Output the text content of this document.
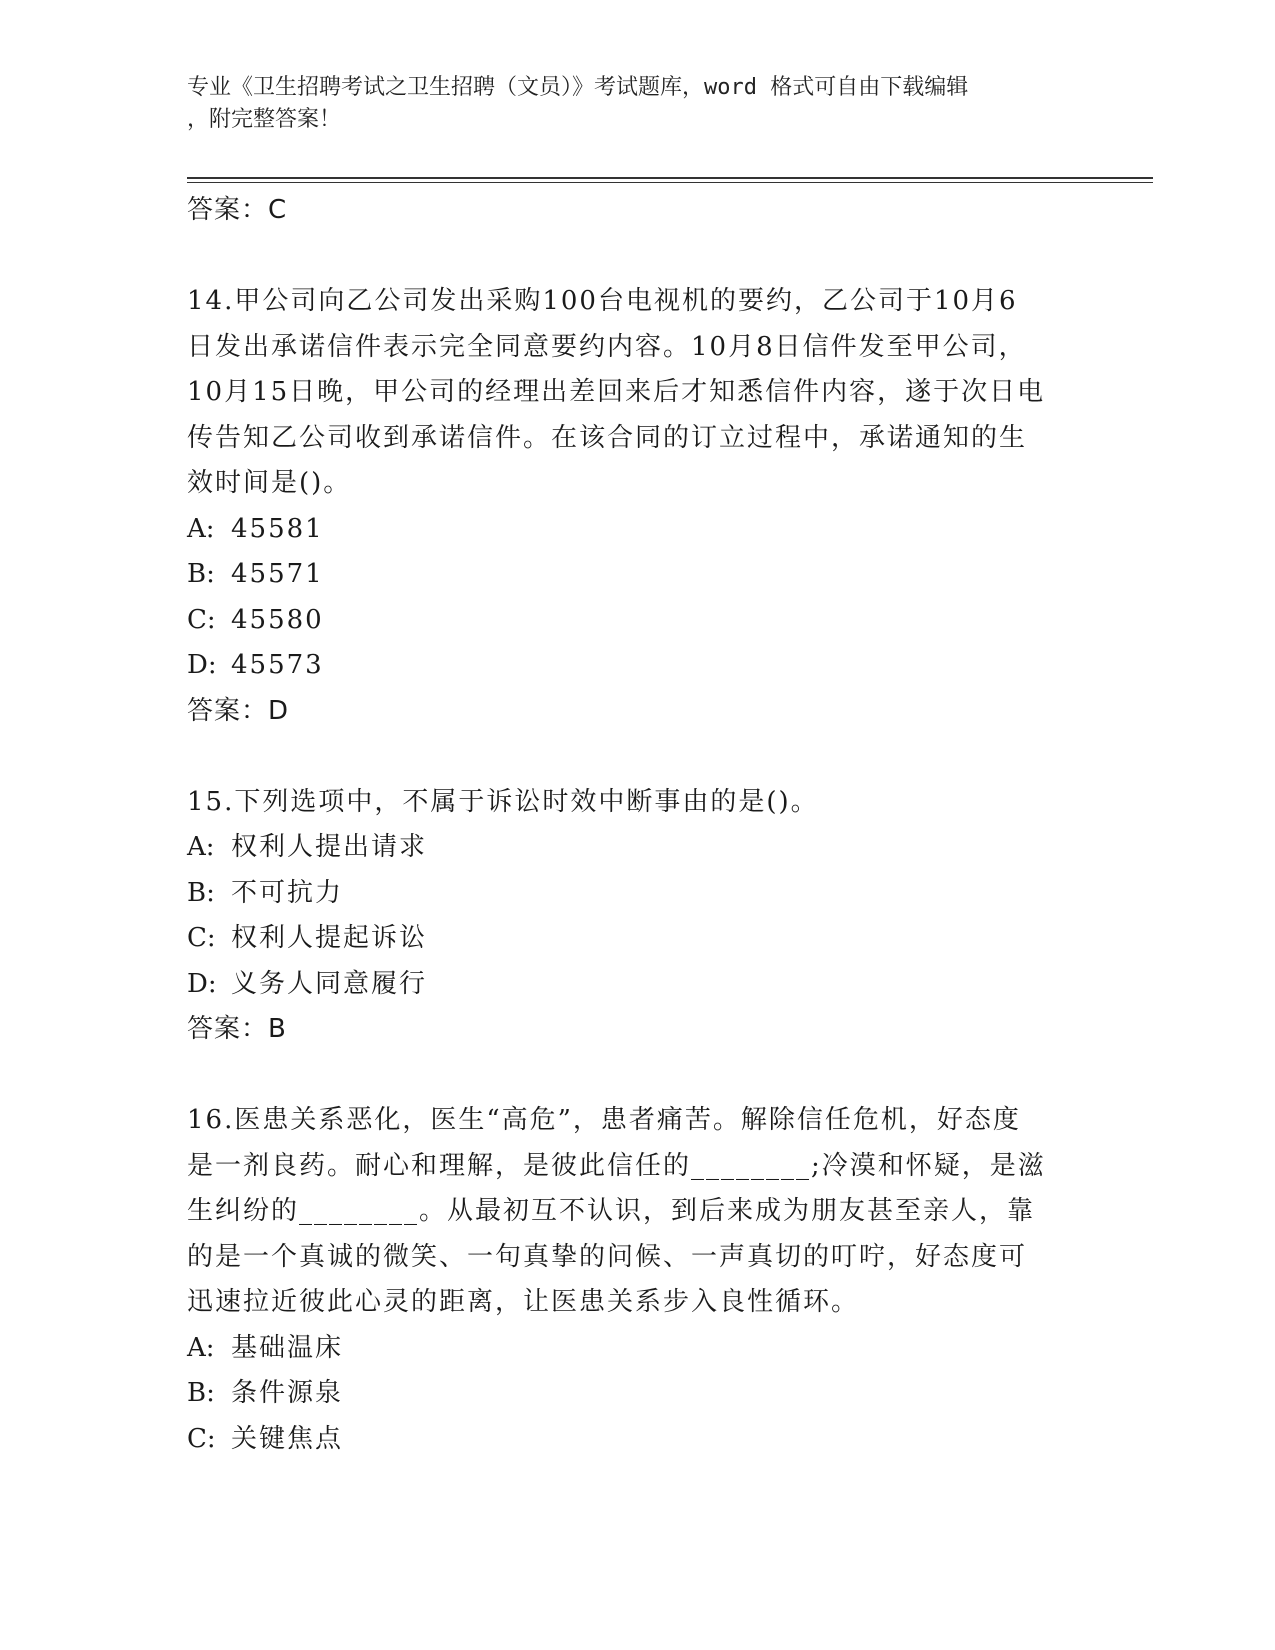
专业《卫生招聘考试之卫生招聘（文员）》考试题库，word 格式可自由下载编辑
，附完整答案！
答案：C
14.甲公司向乙公司发出采购100台电视机的要约，乙公司于10月6
日发出承诺信件表示完全同意要约内容。10月8日信件发至甲公司，
10月15日晚，甲公司的经理出差回来后才知悉信件内容，遂于次日电
传告知乙公司收到承诺信件。在该合同的订立过程中，承诺通知的生
效时间是()。
A: 45581
B: 45571
C: 45580
D: 45573
答案：D
15.下列选项中，不属于诉讼时效中断事由的是()。
A: 权利人提出请求
B: 不可抗力
C: 权利人提起诉讼
D: 义务人同意履行
答案：B
16.医患关系恶化，医生“高危”，患者痛苦。解除信任危机，好态度
是一剂良药。耐心和理解，是彼此信任的________;冷漠和怀疑，是滋
生纠纷的________。从最初互不认识，到后来成为朋友甚至亲人，靠
的是一个真诚的微笑、一句真挚的问候、一声真切的叮咛，好态度可
迅速拉近彼此心灵的距离，让医患关系步入良性循环。
A: 基础温床
B: 条件源泉
C: 关键焦点
